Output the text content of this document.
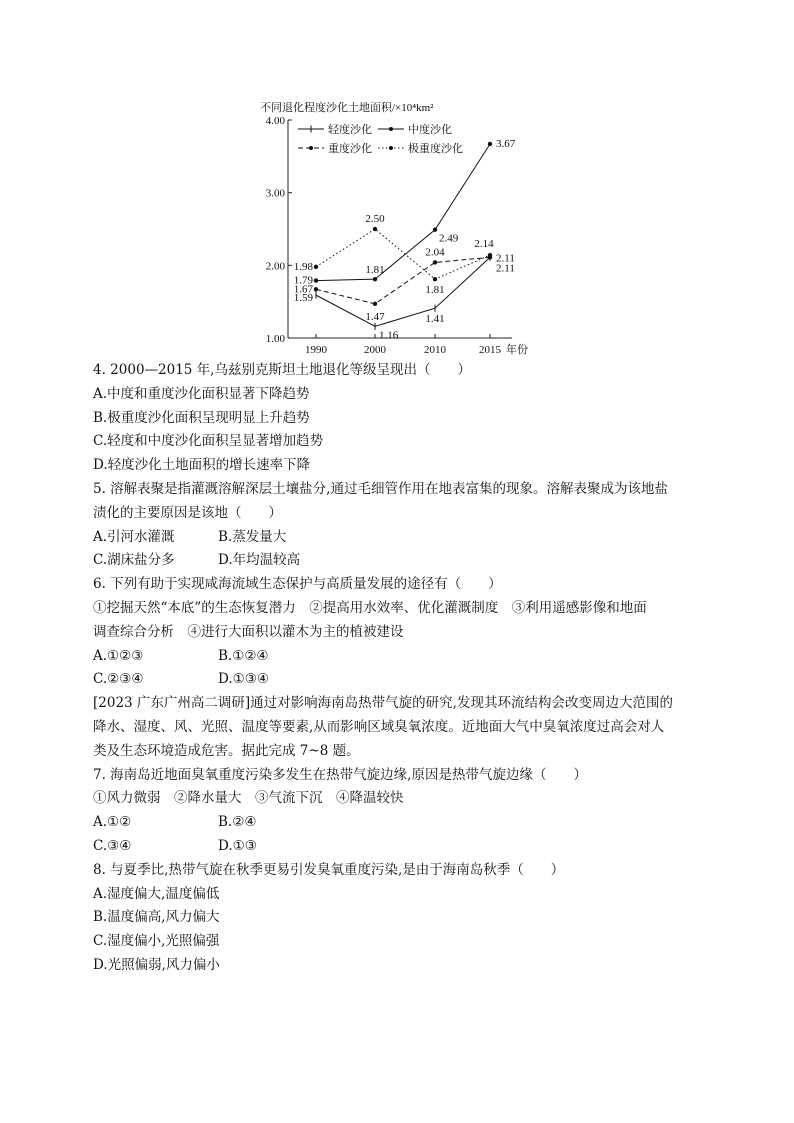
不同退化程度沙化土地面积/×10⁴km²
1.00
2.00
3.00
4.00
1990	2000	2010	2015 年份
1.59
1.16
1.41
2.11
1.79
1.81
2.49
3.67
1.67
1.47
2.04
2.11
1.98
2.50
1.81
2.14
轻度沙化	中度沙化
重度沙化	极重度沙化
4. 2000—2015 年,乌兹别克斯坦土地退化等级呈现出（　　）
A.中度和重度沙化面积显著下降趋势
B.极重度沙化面积呈现明显上升趋势
C.轻度和中度沙化面积呈显著增加趋势
D.轻度沙化土地面积的增长速率下降
5. 溶解表聚是指灌溉溶解深层土壤盐分,通过毛细管作用在地表富集的现象。溶解表聚成为该地盐
渍化的主要原因是该地（　　）
A.引河水灌溉	B.蒸发量大
C.湖床盐分多	D.年均温较高
6. 下列有助于实现咸海流域生态保护与高质量发展的途径有（　　）
①挖掘天然“本底”的生态恢复潜力　②提高用水效率、优化灌溉制度　③利用遥感影像和地面
调查综合分析　④进行大面积以灌木为主的植被建设
A.①②③	B.①②④
C.②③④	D.①③④
[2023 广东广州高二调研]通过对影响海南岛热带气旋的研究,发现其环流结构会改变周边大范围的
降水、湿度、风、光照、温度等要素,从而影响区域臭氧浓度。近地面大气中臭氧浓度过高会对人
类及生态环境造成危害。据此完成 7~8 题。
7. 海南岛近地面臭氧重度污染多发生在热带气旋边缘,原因是热带气旋边缘（　　）
①风力微弱　②降水量大　③气流下沉　④降温较快
A.①②	B.②④
C.③④	D.①③
8. 与夏季比,热带气旋在秋季更易引发臭氧重度污染,是由于海南岛秋季（　　）
A.湿度偏大,温度偏低
B.温度偏高,风力偏大
C.湿度偏小,光照偏强
D.光照偏弱,风力偏小
